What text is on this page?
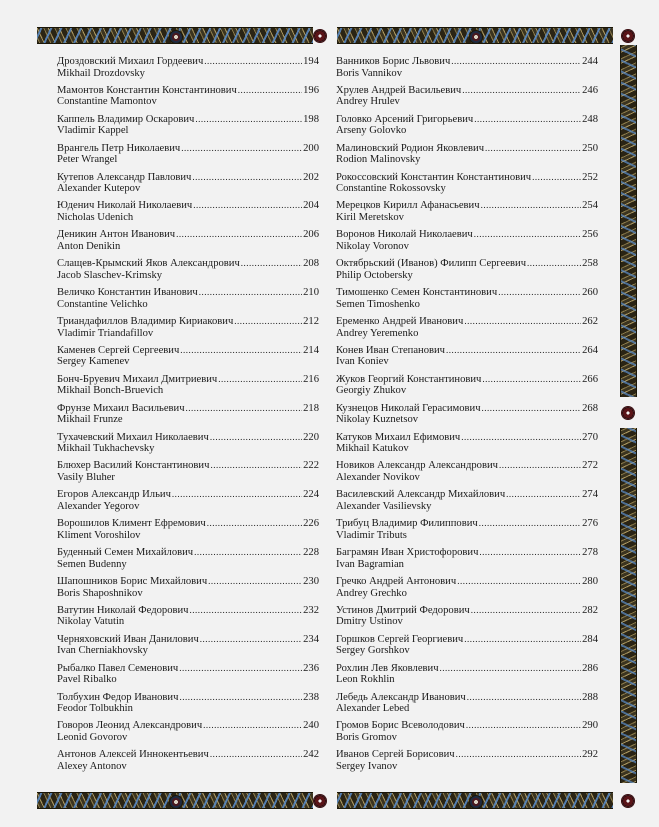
Дроздовский Михаил Гордеевич .....	194
Mikhail Drozdovsky
Мамонтов Константин Константинович .....	196
Constantine Mamontov
Каппель Владимир Оскарович .....	198
Vladimir Kappel
Врангель Петр Николаевич .....	200
Peter Wrangel
Кутепов Александр Павлович .....	202
Alexander Kutepov
Юденич Николай Николаевич .....	204
Nicholas Udenich
Деникин Антон Иванович .....	206
Anton Denikin
Слащев-Крымский Яков Александрович .....	208
Jacob Slaschev-Krimsky
Величко Константин Иванович .....	210
Constantine Velichko
Триандафиллов Владимир Кириакович .....	212
Vladimir Triandafillov
Каменев Сергей Сергеевич .....	214
Sergey Kamenev
Бонч-Бруевич Михаил Дмитриевич .....	216
Mikhail Bonch-Bruevich
Фрунзе Михаил Васильевич .....	218
Mikhail Frunze
Тухачевский Михаил Николаевич .....	220
Mikhail Tukhachevsky
Блюхер Василий Константинович .....	222
Vasily Bluher
Егоров Александр Ильич .....	224
Alexander Yegorov
Ворошилов Климент Ефремович .....	226
Kliment Voroshilov
Буденный Семен Михайлович .....	228
Semen Budenny
Шапошников Борис Михайлович .....	230
Boris Shaposhnikov
Ватутин Николай Федорович .....	232
Nikolay Vatutin
Черняховский Иван Данилович .....	234
Ivan Cherniakhovsky
Рыбалко Павел Семенович .....	236
Pavel Ribalko
Толбухин Федор Иванович .....	238
Feodor Tolbukhin
Говоров Леонид Александрович .....	240
Leonid Govorov
Антонов Алексей Иннокентьевич .....	242
Alexey Antonov
Ванников Борис Львович .....	244
Boris Vannikov
Хрулев Андрей Васильевич .....	246
Andrey Hrulev
Головко Арсений Григорьевич .....	248
Arseny Golovko
Малиновский Родион Яковлевич .....	250
Rodion Malinovsky
Рокоссовский Константин Константинович .....	252
Constantine Rokossovsky
Мерецков Кирилл Афанасьевич .....	254
Kiril Meretskov
Воронов Николай Николаевич .....	256
Nikolay Voronov
Октябрьский (Иванов) Филипп Сергеевич .....	258
Philip Octobersky
Тимошенко Семен Константинович .....	260
Semen Timoshenko
Еременко Андрей Иванович .....	262
Andrey Yeremenko
Конев Иван Степанович .....	264
Ivan Koniev
Жуков Георгий Константинович .....	266
Georgiy Zhukov
Кузнецов Николай Герасимович .....	268
Nikolay Kuznetsov
Катуков Михаил Ефимович .....	270
Mikhail Katukov
Новиков Александр Александрович .....	272
Alexander Novikov
Василевский Александр Михайлович .....	274
Alexander Vasilievsky
Трибуц Владимир Филиппович .....	276
Vladimir Tributs
Баграмян Иван Христофорович .....	278
Ivan Bagramian
Гречко Андрей Антонович .....	280
Andrey Grechko
Устинов Дмитрий Федорович .....	282
Dmitry Ustinov
Горшков Сергей Георгиевич .....	284
Sergey Gorshkov
Рохлин Лев Яковлевич .....	286
Leon Rokhlin
Лебедь Александр Иванович .....	288
Alexander Lebed
Громов Борис Всеволодович .....	290
Boris Gromov
Иванов Сергей Борисович .....	292
Sergey Ivanov
